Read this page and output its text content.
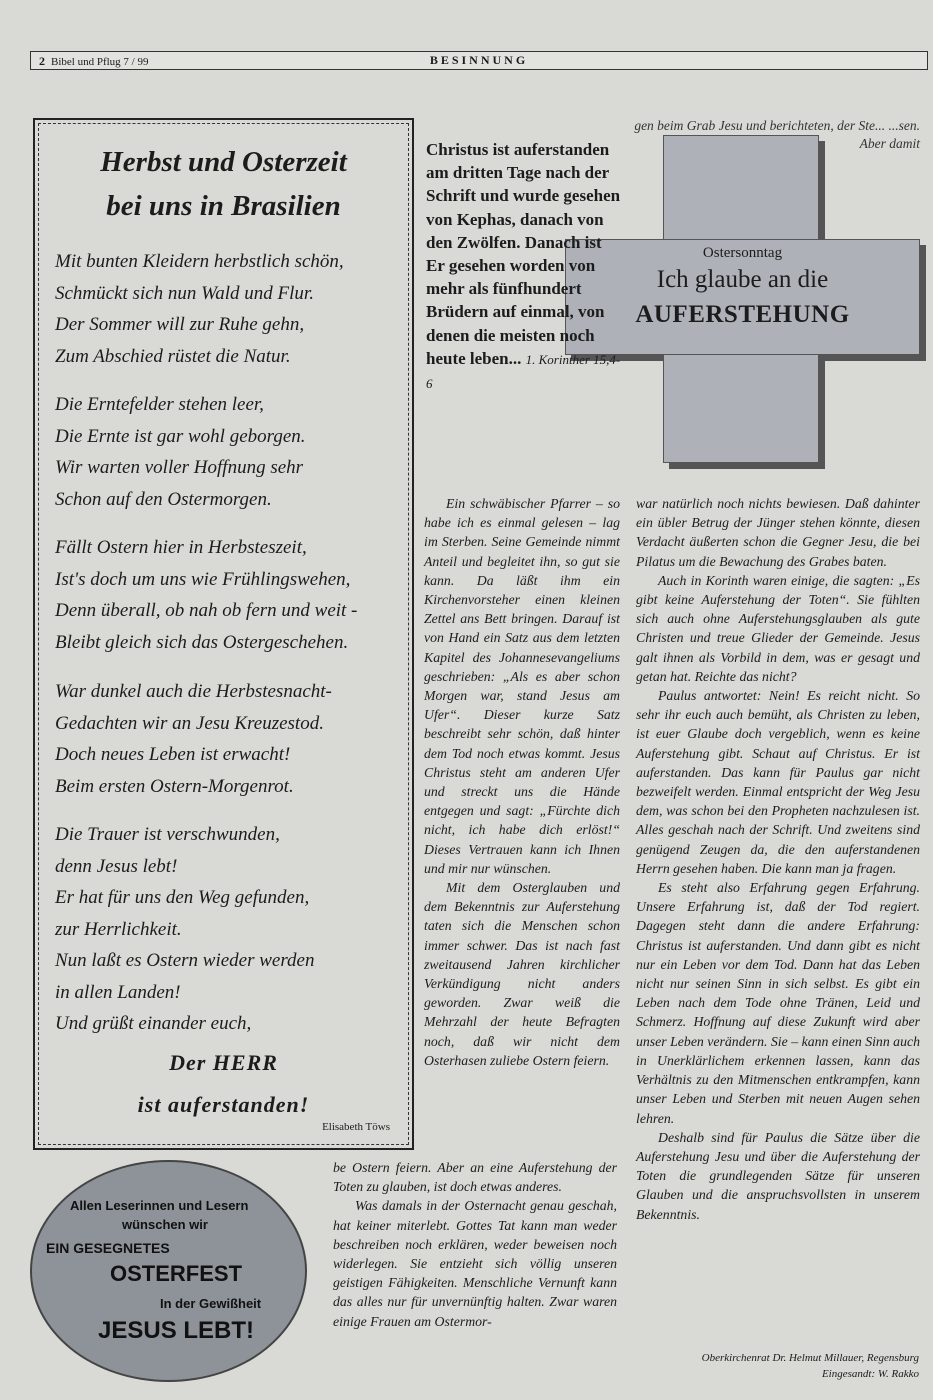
2 Bibel und Pflug 7 / 99	BESINNUNG
Herbst und Osterzeit
bei uns in Brasilien
Mit bunten Kleidern herbstlich schön,
Schmückt sich nun Wald und Flur.
Der Sommer will zur Ruhe gehn,
Zum Abschied rüstet die Natur.
Die Erntefelder stehen leer,
Die Ernte ist gar wohl geborgen.
Wir warten voller Hoffnung sehr
Schon auf den Ostermorgen.
Fällt Ostern hier in Herbsteszeit,
Ist's doch um uns wie Frühlingswehen,
Denn überall, ob nah ob fern und weit -
Bleibt gleich sich das Ostergeschehen.
War dunkel auch die Herbstesnacht-
Gedachten wir an Jesu Kreuzestod.
Doch neues Leben ist erwacht!
Beim ersten Ostern-Morgenrot.
Die Trauer ist verschwunden,
denn Jesus lebt!
Er hat für uns den Weg gefunden,
zur Herrlichkeit.
Nun laßt es Ostern wieder werden
in allen Landen!
Und grüßt einander euch,
Der HERR
ist auferstanden!
Elisabeth Töws
gen beim Grab Jesu und berichteten, der Ste... ...sen. Aber damit
Ostersonntag
Ich glaube an die
AUFERSTEHUNG
Christus ist auferstanden am dritten Tage nach der Schrift und wurde gesehen von Kephas, danach von den Zwölfen. Danach ist Er gesehen worden von mehr als fünfhundert Brüdern auf einmal, von denen die meisten noch heute leben... 1. Korinther 15,4-6

Ein schwäbischer Pfarrer – so habe ich es einmal gelesen – lag im Sterben. Seine Gemeinde nimmt Anteil und begleitet ihn, so gut sie kann. Da läßt ihm ein Kirchenvorsteher einen kleinen Zettel ans Bett bringen. Darauf ist von Hand ein Satz aus dem letzten Kapitel des Johannesevangeliums geschrieben: „Als es aber schon Morgen war, stand Jesus am Ufer“. Dieser kurze Satz beschreibt sehr schön, daß hinter dem Tod noch etwas kommt. Jesus Christus steht am anderen Ufer und streckt uns die Hände entgegen und sagt: „Fürchte dich nicht, ich habe dich erlöst!“ Dieses Vertrauen kann ich Ihnen und mir nur wünschen.

Mit dem Osterglauben und dem Bekenntnis zur Auferstehung taten sich die Menschen schon immer schwer. Das ist nach fast zweitausend Jahren kirchlicher Verkündigung nicht anders geworden. Zwar weiß die Mehrzahl der heute Befragten noch, daß wir nicht dem Osterhasen zuliebe Ostern feiern.

be Ostern feiern. Aber an eine Auferstehung der Toten zu glauben, ist doch etwas anderes.

Was damals in der Osternacht genau geschah, hat keiner miterlebt. Gottes Tat kann man weder beschreiben noch erklären, weder beweisen noch widerlegen. Sie entzieht sich völlig unseren geistigen Fähigkeiten. Menschliche Vernunft kann das alles nur für unvernünftig halten. Zwar waren einige Frauen am Ostermor-

war natürlich noch nichts bewiesen. Daß dahinter ein übler Betrug der Jünger stehen könnte, diesen Verdacht äußerten schon die Gegner Jesu, die bei Pilatus um die Bewachung des Grabes baten.

Auch in Korinth waren einige, die sagten: „Es gibt keine Auferstehung der Toten“. Sie fühlten sich auch ohne Auferstehungsglauben als gute Christen und treue Glieder der Gemeinde. Jesus galt ihnen als Vorbild in dem, was er gesagt und getan hat. Reichte das nicht?

Paulus antwortet: Nein! Es reicht nicht. So sehr ihr euch auch bemüht, als Christen zu leben, ist euer Glaube doch vergeblich, wenn es keine Auferstehung gibt. Schaut auf Christus. Er ist auferstanden. Das kann für Paulus gar nicht bezweifelt werden. Einmal entspricht der Weg Jesu dem, was schon bei den Propheten nachzulesen ist. Alles geschah nach der Schrift. Und zweitens sind genügend Zeugen da, die den auferstandenen Herrn gesehen haben. Die kann man ja fragen.

Es steht also Erfahrung gegen Erfahrung. Unsere Erfahrung ist, daß der Tod regiert. Dagegen steht dann die andere Erfahrung: Christus ist auferstanden. Und dann gibt es nicht nur ein Leben vor dem Tod. Dann hat das Leben nicht nur seinen Sinn in sich selbst. Es gibt ein Leben nach dem Tode ohne Tränen, Leid und Schmerz. Hoffnung auf diese Zukunft wird aber unser Leben verändern. Sie – kann einen Sinn auch in Unerklärlichem erkennen lassen, kann das Verhältnis zu den Mitmenschen entkrampfen, kann unser Leben und Sterben mit neuen Augen sehen lehren.

Deshalb sind für Paulus die Sätze über die Auferstehung Jesu und über die Auferstehung der Toten die grundlegenden Sätze für unseren Glauben und die anspruchsvollsten in unserem Bekenntnis.

Oberkirchenrat Dr. Helmut Millauer, Regensburg
Eingesandt: W. Rakko
Allen Leserinnen und Lesern
wünschen wir
EIN GESEGNETES
OSTERFEST
In der Gewißheit
JESUS LEBT!
